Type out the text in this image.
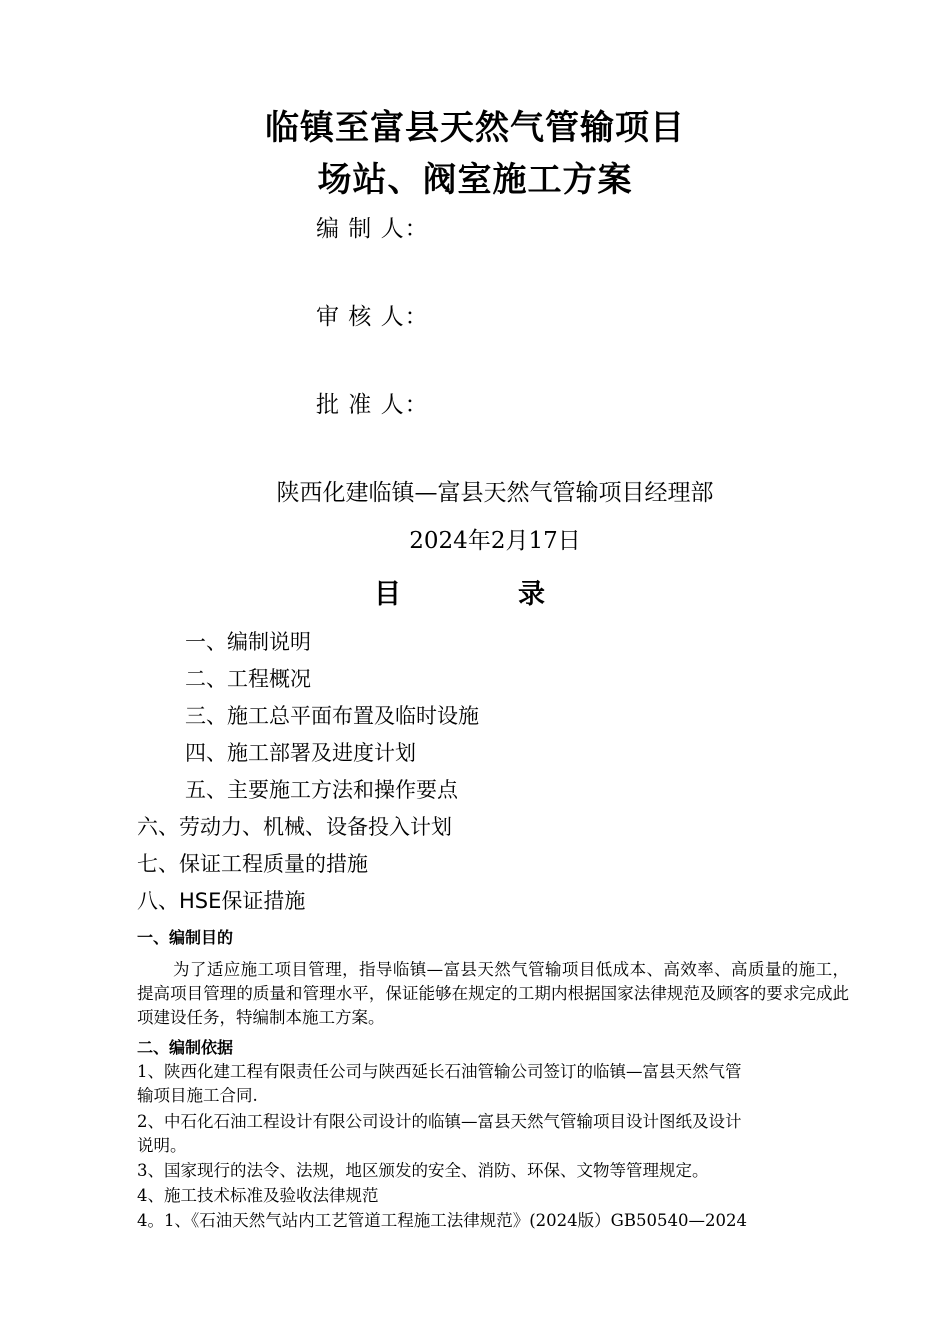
临镇至富县天然气管输项目
场站、阀室施工方案
编 制 人：
审 核 人：
批 准 人：
陕西化建临镇—富县天然气管输项目经理部
2024年2月17日
目	录
一、编制说明
二、工程概况
三、施工总平面布置及临时设施
四、施工部署及进度计划
五、主要施工方法和操作要点
六、劳动力、机械、设备投入计划
七、保证工程质量的措施
八、HSE保证措施
一、编制目的
为了适应施工项目管理，指导临镇—富县天然气管输项目低成本、高效率、高质量的施工，提高项目管理的质量和管理水平，保证能够在规定的工期内根据国家法律规范及顾客的要求完成此项建设任务，特编制本施工方案。
二、编制依据
1、陕西化建工程有限责任公司与陕西延长石油管输公司签订的临镇—富县天然气管
输项目施工合同.
2、中石化石油工程设计有限公司设计的临镇—富县天然气管输项目设计图纸及设计
说明。
3、国家现行的法令、法规，地区颁发的安全、消防、环保、文物等管理规定。
4、施工技术标准及验收法律规范
4。1、《石油天然气站内工艺管道工程施工法律规范》(2024版）GB50540—2024
